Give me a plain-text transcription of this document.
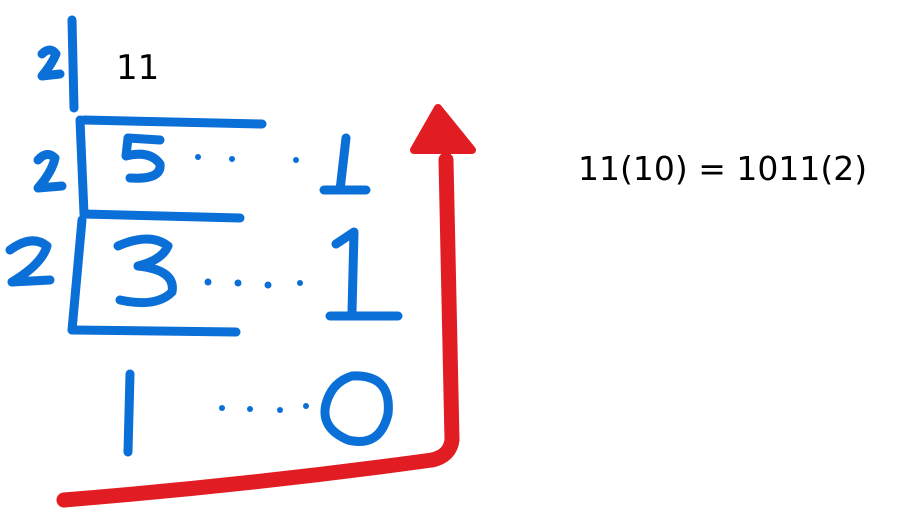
11
11(10) = 1011(2)
